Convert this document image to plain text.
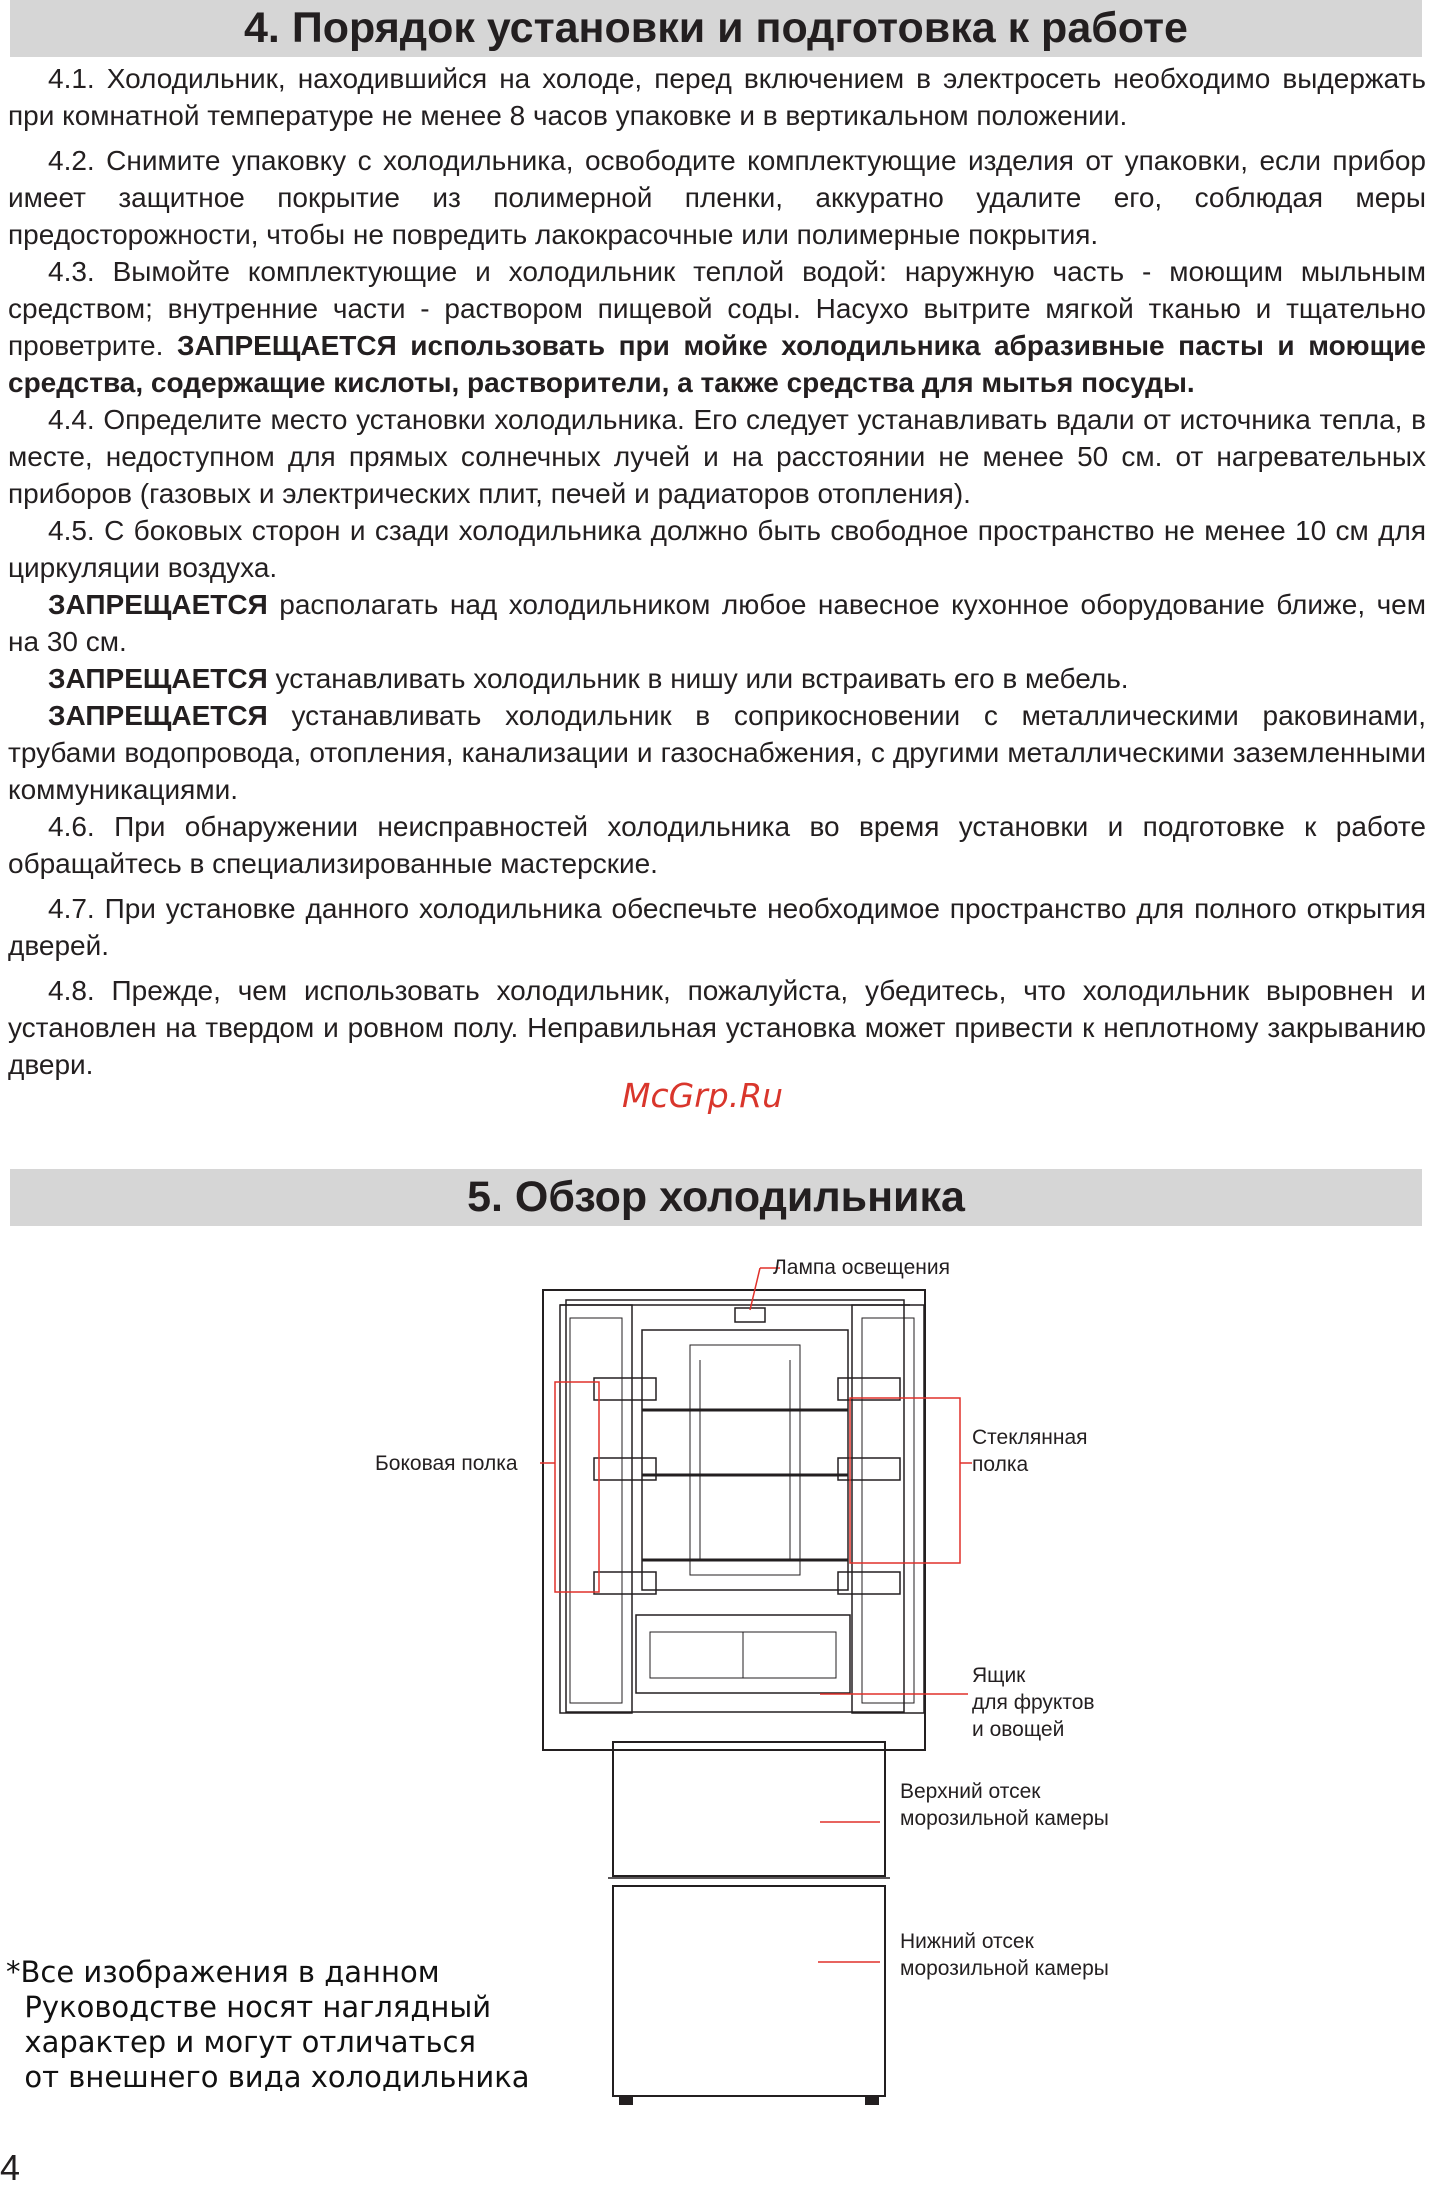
4. Порядок установки и подготовка к работе

4.1. Холодильник, находившийся на холоде, перед включением в электросеть необходимо выдержать при комнатной температуре не менее 8 часов упаковке и в вертикальном положении.

4.2. Снимите упаковку с холодильника, освободите комплектующие изделия от упаковки, если прибор имеет защитное покрытие из полимерной пленки, аккуратно удалите его, соблюдая меры предосторожности, чтобы не повредить лакокрасочные или полимерные покрытия.

4.3. Вымойте комплектующие и холодильник теплой водой: наружную часть - моющим мыльным средством; внутренние части - раствором пищевой соды. Насухо вытрите мягкой тканью и тщательно проветрите. ЗАПРЕЩАЕТСЯ использовать при мойке холодильника абразивные пасты и моющие средства, содержащие кислоты, растворители, а также средства для мытья посуды.

4.4. Определите место установки холодильника. Его следует устанавливать вдали от источника тепла, в месте, недоступном для прямых солнечных лучей и на расстоянии не менее 50 см. от нагревательных приборов (газовых и электрических плит, печей и радиаторов отопления).

4.5. С боковых сторон и сзади холодильника должно быть свободное пространство не менее 10 см для циркуляции воздуха.

ЗАПРЕЩАЕТСЯ располагать над холодильником любое навесное кухонное оборудование ближе, чем на 30 см.

ЗАПРЕЩАЕТСЯ устанавливать холодильник в нишу или встраивать его в мебель.

ЗАПРЕЩАЕТСЯ устанавливать холодильник в соприкосновении с металлическими раковинами, трубами водопровода, отопления, канализации и газоснабжения, с другими металлическими заземленными коммуникациями.

4.6. При обнаружении неисправностей холодильника во время установки и подготовке к работе обращайтесь в специализированные мастерские.

4.7. При установке данного холодильника обеспечьте необходимое пространство для полного открытия дверей.

4.8. Прежде, чем использовать холодильник, пожалуйста, убедитесь, что холодильник выровнен и установлен на твердом и ровном полу. Неправильная установка может привести к неплотному закрыванию двери.

McGrp.Ru
5. Обзор холодильника
Лампа освещения
Боковая полка
Стеклянная
полка
Ящик
для фруктов
и овощей
Верхний отсек
морозильной камеры
Нижний отсек
морозильной камеры
*Все изображения в данном
Руководстве носят наглядный
характер и могут отличаться
от внешнего вида холодильника
4
